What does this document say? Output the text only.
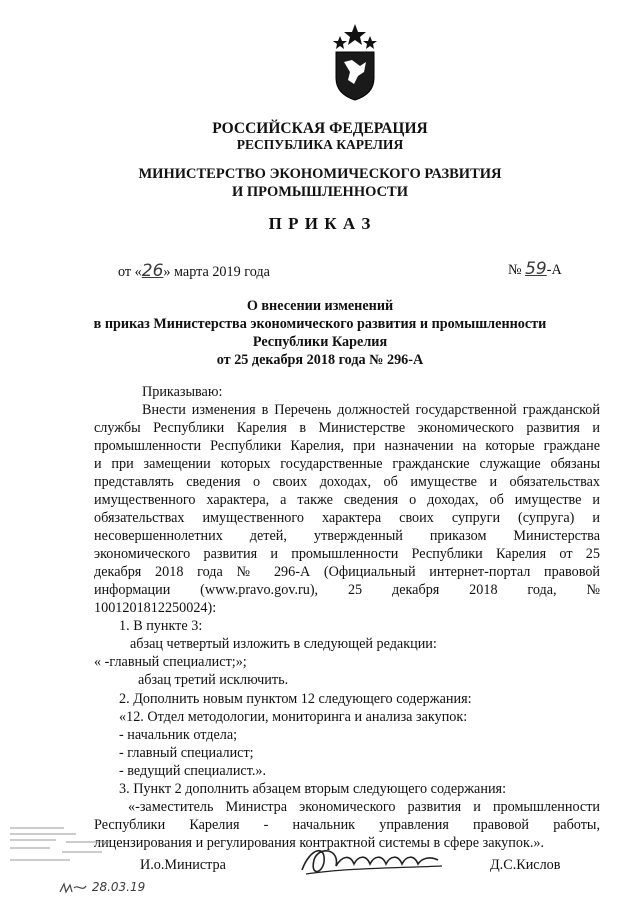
РОССИЙСКАЯ ФЕДЕРАЦИЯ
РЕСПУБЛИКА КАРЕЛИЯ
МИНИСТЕРСТВО ЭКОНОМИЧЕСКОГО РАЗВИТИЯ
И ПРОМЫШЛЕННОСТИ
П Р И К А З
от «26» марта 2019 года	№ 59-А
О внесении изменений
в приказ Министерства экономического развития и промышленности
Республики Карелия
от 25 декабря 2018 года № 296-А
Приказываю:
Внести изменения в Перечень должностей государственной гражданской
службы Республики Карелия в Министерстве экономического развития и
промышленности Республики Карелия, при назначении на которые граждане
и при замещении которых государственные гражданские служащие обязаны
представлять сведения о своих доходах, об имуществе и обязательствах
имущественного характера, а также сведения о доходах, об имуществе и
обязательствах имущественного характера своих супруги (супруга) и
несовершеннолетних детей, утвержденный приказом Министерства
экономического развития и промышленности Республики Карелия от 25
декабря 2018 года № 296-А (Официальный интернет-портал правовой
информации (www.pravo.gov.ru), 25 декабря 2018 года, №
1001201812250024):
1. В пункте 3:
абзац четвертый изложить в следующей редакции:
« -главный специалист;»;
абзац третий исключить.
2. Дополнить новым пунктом 12 следующего содержания:
«12. Отдел методологии, мониторинга и анализа закупок:
- начальник отдела;
- главный специалист;
- ведущий специалист.».
3. Пункт 2 дополнить абзацем вторым следующего содержания:
«-заместитель Министра экономического развития и промышленности
Республики Карелия - начальник управления правовой работы,
лицензирования и регулирования контрактной системы в сфере закупок.».
И.о.Министра	Д.С.Кислов
28.03.19
